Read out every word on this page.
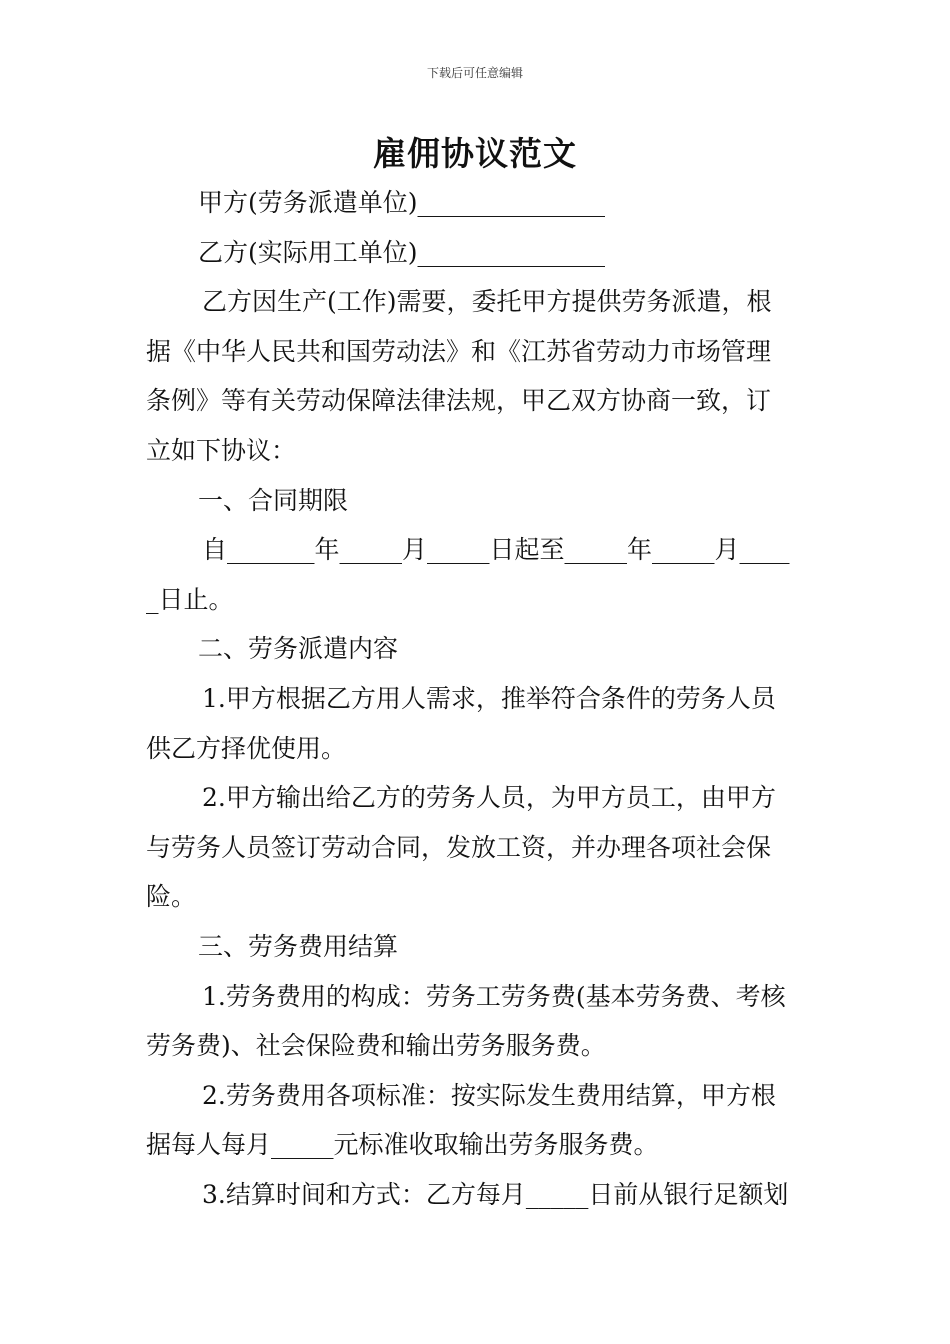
下载后可任意编辑
雇佣协议范文
甲方(劳务派遣单位)_______________
乙方(实际用工单位)_______________
乙方因生产(工作)需要，委托甲方提供劳务派遣，根
据《中华人民共和国劳动法》和《江苏省劳动力市场管理
条例》等有关劳动保障法律法规，甲乙双方协商一致，订
立如下协议：
一、合同期限
自_______年_____月_____日起至_____年_____月____
_日止。
二、劳务派遣内容
1.甲方根据乙方用人需求，推举符合条件的劳务人员
供乙方择优使用。
2.甲方输出给乙方的劳务人员，为甲方员工，由甲方
与劳务人员签订劳动合同，发放工资，并办理各项社会保
险。
三、劳务费用结算
1.劳务费用的构成：劳务工劳务费(基本劳务费、考核
劳务费)、社会保险费和输出劳务服务费。
2.劳务费用各项标准：按实际发生费用结算，甲方根
据每人每月_____元标准收取输出劳务服务费。
3.结算时间和方式：乙方每月_____日前从银行足额划
